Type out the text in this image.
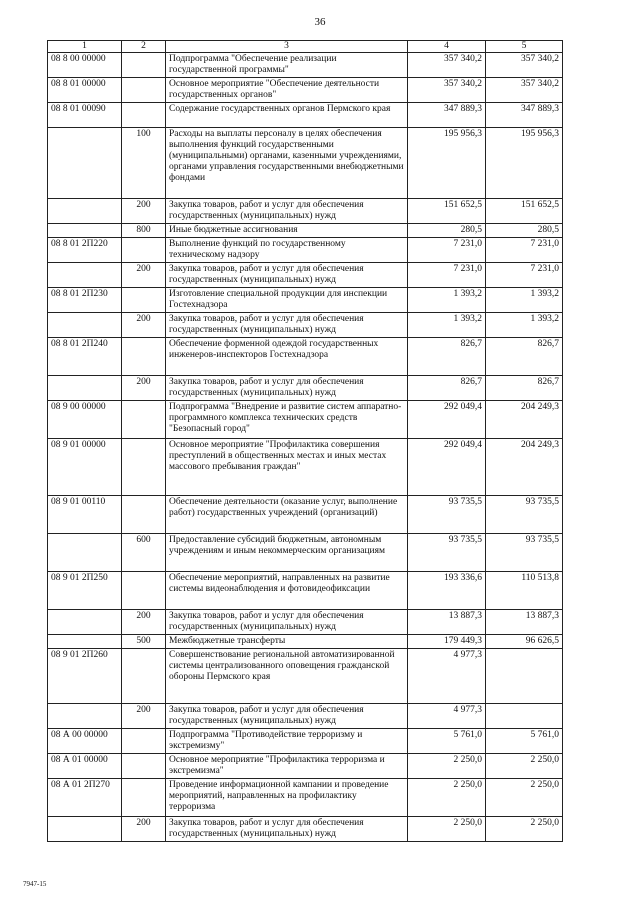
36
1	2	3	4	5
08 8 00 00000		Подпрограмма "Обеспечение реализации государственной программы"	357 340,2	357 340,2
08 8 01 00000		Основное мероприятие "Обеспечение деятельности государственных органов"	357 340,2	357 340,2
08 8 01 00090		Содержание государственных органов Пермского края	347 889,3	347 889,3
	100	Расходы на выплаты персоналу в целях обеспечения выполнения функций государственными (муниципальными) органами, казенными учреждениями, органами управления государственными внебюджетными фондами	195 956,3	195 956,3
	200	Закупка товаров, работ и услуг для обеспечения государственных (муниципальных) нужд	151 652,5	151 652,5
	800	Иные бюджетные ассигнования	280,5	280,5
08 8 01 2П220		Выполнение функций по государственному техническому надзору	7 231,0	7 231,0
	200	Закупка товаров, работ и услуг для обеспечения государственных (муниципальных) нужд	7 231,0	7 231,0
08 8 01 2П230		Изготовление специальной продукции для инспекции Гостехнадзора	1 393,2	1 393,2
	200	Закупка товаров, работ и услуг для обеспечения государственных (муниципальных) нужд	1 393,2	1 393,2
08 8 01 2П240		Обеспечение форменной одеждой государственных инженеров-инспекторов Гостехнадзора	826,7	826,7
	200	Закупка товаров, работ и услуг для обеспечения государственных (муниципальных) нужд	826,7	826,7
08 9 00 00000		Подпрограмма "Внедрение и развитие систем аппаратно-программного комплекса технических средств "Безопасный город"	292 049,4	204 249,3
08 9 01 00000		Основное мероприятие "Профилактика совершения преступлений в общественных местах и иных местах массового пребывания граждан"	292 049,4	204 249,3
08 9 01 00110		Обеспечение деятельности (оказание услуг, выполнение работ) государственных учреждений (организаций)	93 735,5	93 735,5
	600	Предоставление субсидий бюджетным, автономным учреждениям и иным некоммерческим организациям	93 735,5	93 735,5
08 9 01 2П250		Обеспечение мероприятий, направленных на развитие системы видеонаблюдения и фотовидеофиксации	193 336,6	110 513,8
	200	Закупка товаров, работ и услуг для обеспечения государственных (муниципальных) нужд	13 887,3	13 887,3
	500	Межбюджетные трансферты	179 449,3	96 626,5
08 9 01 2П260		Совершенствование региональной автоматизированной системы централизованного оповещения гражданской обороны Пермского края	4 977,3	
	200	Закупка товаров, работ и услуг для обеспечения государственных (муниципальных) нужд	4 977,3	
08 А 00 00000		Подпрограмма "Противодействие терроризму и экстремизму"	5 761,0	5 761,0
08 А 01 00000		Основное мероприятие "Профилактика терроризма и экстремизма"	2 250,0	2 250,0
08 А 01 2П270		Проведение информационной кампании и проведение мероприятий, направленных на профилактику терроризма	2 250,0	2 250,0
	200	Закупка товаров, работ и услуг для обеспечения государственных (муниципальных) нужд	2 250,0	2 250,0
7947-15
